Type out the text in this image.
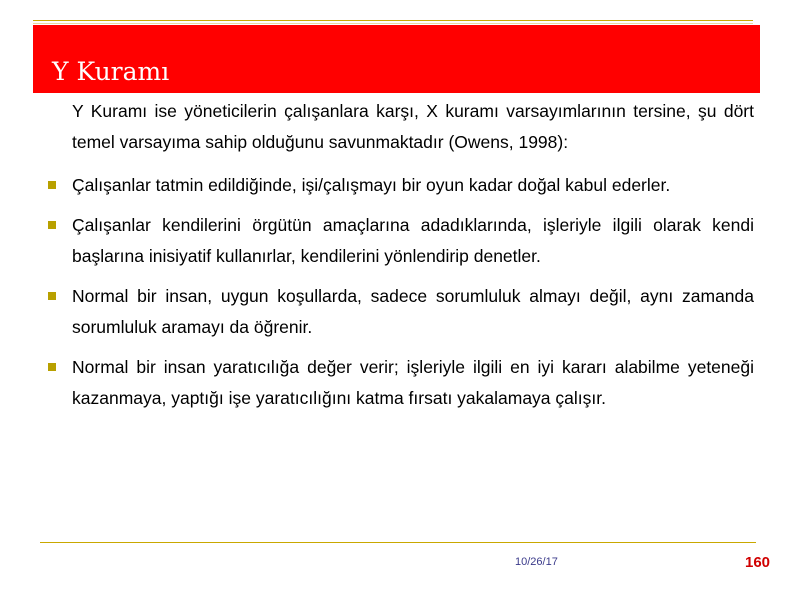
Y Kuramı

Y Kuramı ise yöneticilerin çalışanlara karşı, X kuramı varsayımlarının tersine, şu dört temel varsayıma sahip olduğunu savunmaktadır (Owens, 1998):

Çalışanlar tatmin edildiğinde, işi/çalışmayı bir oyun kadar doğal kabul ederler.
Çalışanlar kendilerini örgütün amaçlarına adadıklarında, işleriyle ilgili olarak kendi başlarına inisiyatif kullanırlar, kendilerini yönlendirip denetler.
Normal bir insan, uygun koşullarda, sadece sorumluluk almayı değil, aynı zamanda sorumluluk aramayı da öğrenir.
Normal bir insan yaratıcılığa değer verir; işleriyle ilgili en iyi kararı alabilme yeteneği kazanmaya, yaptığı işe yaratıcılığını katma fırsatı yakalamaya çalışır.
10/26/17	160
